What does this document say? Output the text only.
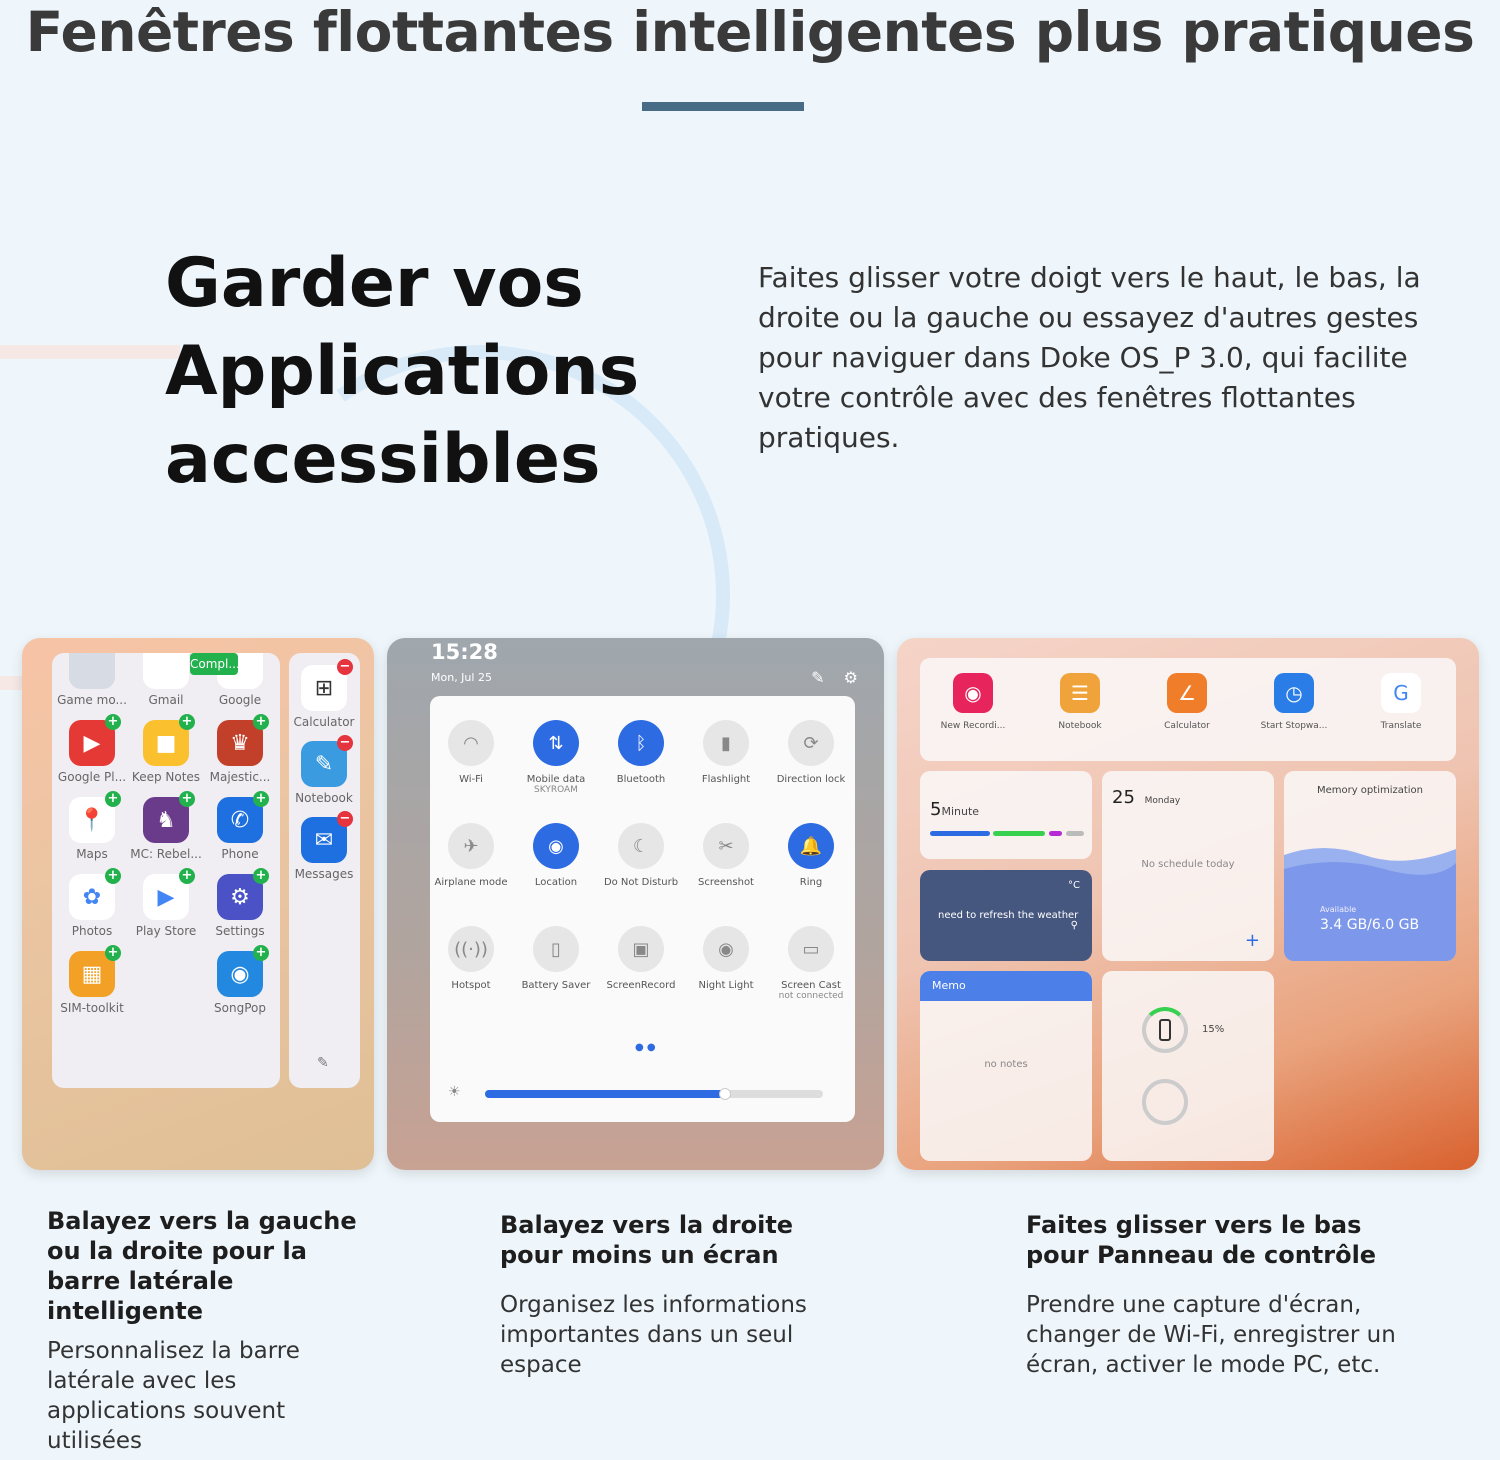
Fenêtres flottantes intelligentes plus pratiques
Garder vos
Applications
accessibles

Faites glisser votre doigt vers le haut, le bas, la droite ou la gauche ou essayez d'autres gestes pour naviguer dans Doke OS_P 3.0, qui facilite votre contrôle avec des fenêtres flottantes pratiques.

Game mo...	Gmail	Google
▶
+
Google Pl...
■
+
Keep Notes
♛
+
Majestic...
📍
+
Maps
♞
+
MC: Rebel...
✆
+
Phone
✿
+
Photos
▶
+
Play Store
⚙
+
Settings
▦
+
SIM-toolkit
◉
+
SongPop
Compl...
⊞
−
Calculator
✎
−
Notebook
✉
−
Messages
✎
15:28
Mon, Jul 25	✎ ⚙
● ●
☀
◠
Wi-Fi
⇅
Mobile data
SKYROAM
ᛒ
Bluetooth
▮
Flashlight
⟳
Direction lock
✈
Airplane mode
◉
Location
☾
Do Not Disturb
✂
Screenshot
🔔
Ring
((·))
Hotspot
▯
Battery Saver
▣
ScreenRecord
◉
Night Light
▭
Screen Cast
not connected
◉
New Recordi...
☰
Notebook
∠
Calculator
◷
Start Stopwa...
G
Translate
5Minute
25 Monday
No schedule today
+
Memory optimization
Available
3.4 GB/6.0 GB
°C
need to refresh the weather
⚲
Memo
no notes
15%
Balayez vers la gauche ou la droite pour la barre latérale intelligente
Personnalisez la barre latérale avec les applications souvent utilisées
Balayez vers la droite pour moins un écran
Organisez les informations importantes dans un seul espace
Faites glisser vers le bas pour Panneau de contrôle
Prendre une capture d'écran, changer de Wi-Fi, enregistrer un écran, activer le mode PC, etc.
